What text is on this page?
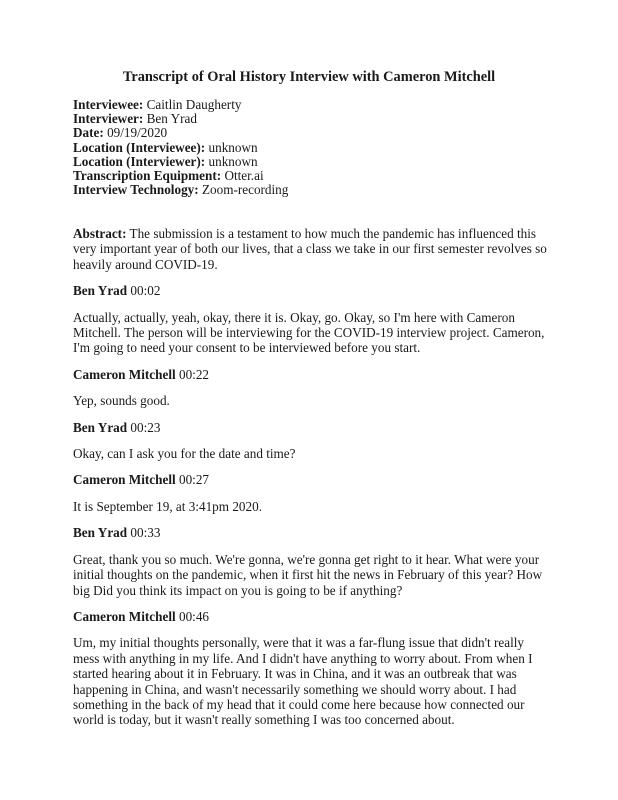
Transcript of Oral History Interview with Cameron Mitchell
Interviewee: Caitlin Daugherty
Interviewer: Ben Yrad
Date: 09/19/2020
Location (Interviewee): unknown
Location (Interviewer): unknown
Transcription Equipment: Otter.ai
Interview Technology: Zoom-recording

Abstract: The submission is a testament to how much the pandemic has influenced this very important year of both our lives, that a class we take in our first semester revolves so heavily around COVID-19.

Ben Yrad 00:02

Actually, actually, yeah, okay, there it is. Okay, go. Okay, so I'm here with Cameron Mitchell. The person will be interviewing for the COVID-19 interview project. Cameron, I'm going to need your consent to be interviewed before you start.

Cameron Mitchell 00:22

Yep, sounds good.

Ben Yrad 00:23

Okay, can I ask you for the date and time?

Cameron Mitchell 00:27

It is September 19, at 3:41pm 2020.

Ben Yrad 00:33

Great, thank you so much. We're gonna, we're gonna get right to it hear. What were your initial thoughts on the pandemic, when it first hit the news in February of this year? How big Did you think its impact on you is going to be if anything?

Cameron Mitchell 00:46

Um, my initial thoughts personally, were that it was a far-flung issue that didn't really mess with anything in my life. And I didn't have anything to worry about. From when I started hearing about it in February. It was in China, and it was an outbreak that was happening in China, and wasn't necessarily something we should worry about. I had something in the back of my head that it could come here because how connected our world is today, but it wasn't really something I was too concerned about.
